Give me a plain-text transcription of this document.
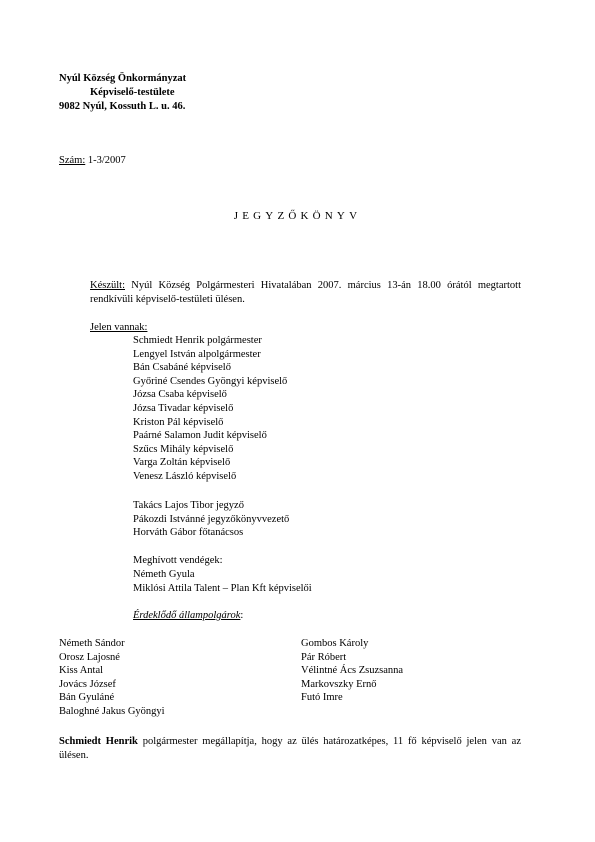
Nyúl Község Önkormányzat
Képviselő-testülete
9082 Nyúl, Kossuth L. u. 46.
Szám: 1-3/2007
JEGYZŐKÖNYV
Készült: Nyúl Község Polgármesteri Hivatalában 2007. március 13-án 18.00 órától megtartott rendkívüli képviselő-testületi ülésen.
Jelen vannak:
Schmiedt Henrik polgármester
Lengyel István alpolgármester
Bán Csabáné képviselő
Győriné Csendes Gyöngyi képviselő
Józsa Csaba képviselő
Józsa Tivadar képviselő
Kriston Pál képviselő
Paárné Salamon Judit képviselő
Szűcs Mihály képviselő
Varga Zoltán képviselő
Venesz László képviselő
Takács Lajos Tibor jegyző
Pákozdi Istvánné jegyzőkönyvvezető
Horváth Gábor főtanácsos
Meghívott vendégek:
Németh Gyula
Miklósi Attila Talent – Plan Kft képviselői
Érdeklődő állampolgárok:
Németh Sándor
Orosz Lajosné
Kiss Antal
Jovács József
Bán Gyuláné
Baloghné Jakus Gyöngyi
Gombos Károly
Pár Róbert
Vélintné Ács Zsuzsanna
Markovszky Ernő
Futó Imre
Schmiedt Henrik polgármester megállapítja, hogy az ülés határozatképes, 11 fő képviselő jelen van az ülésen.
